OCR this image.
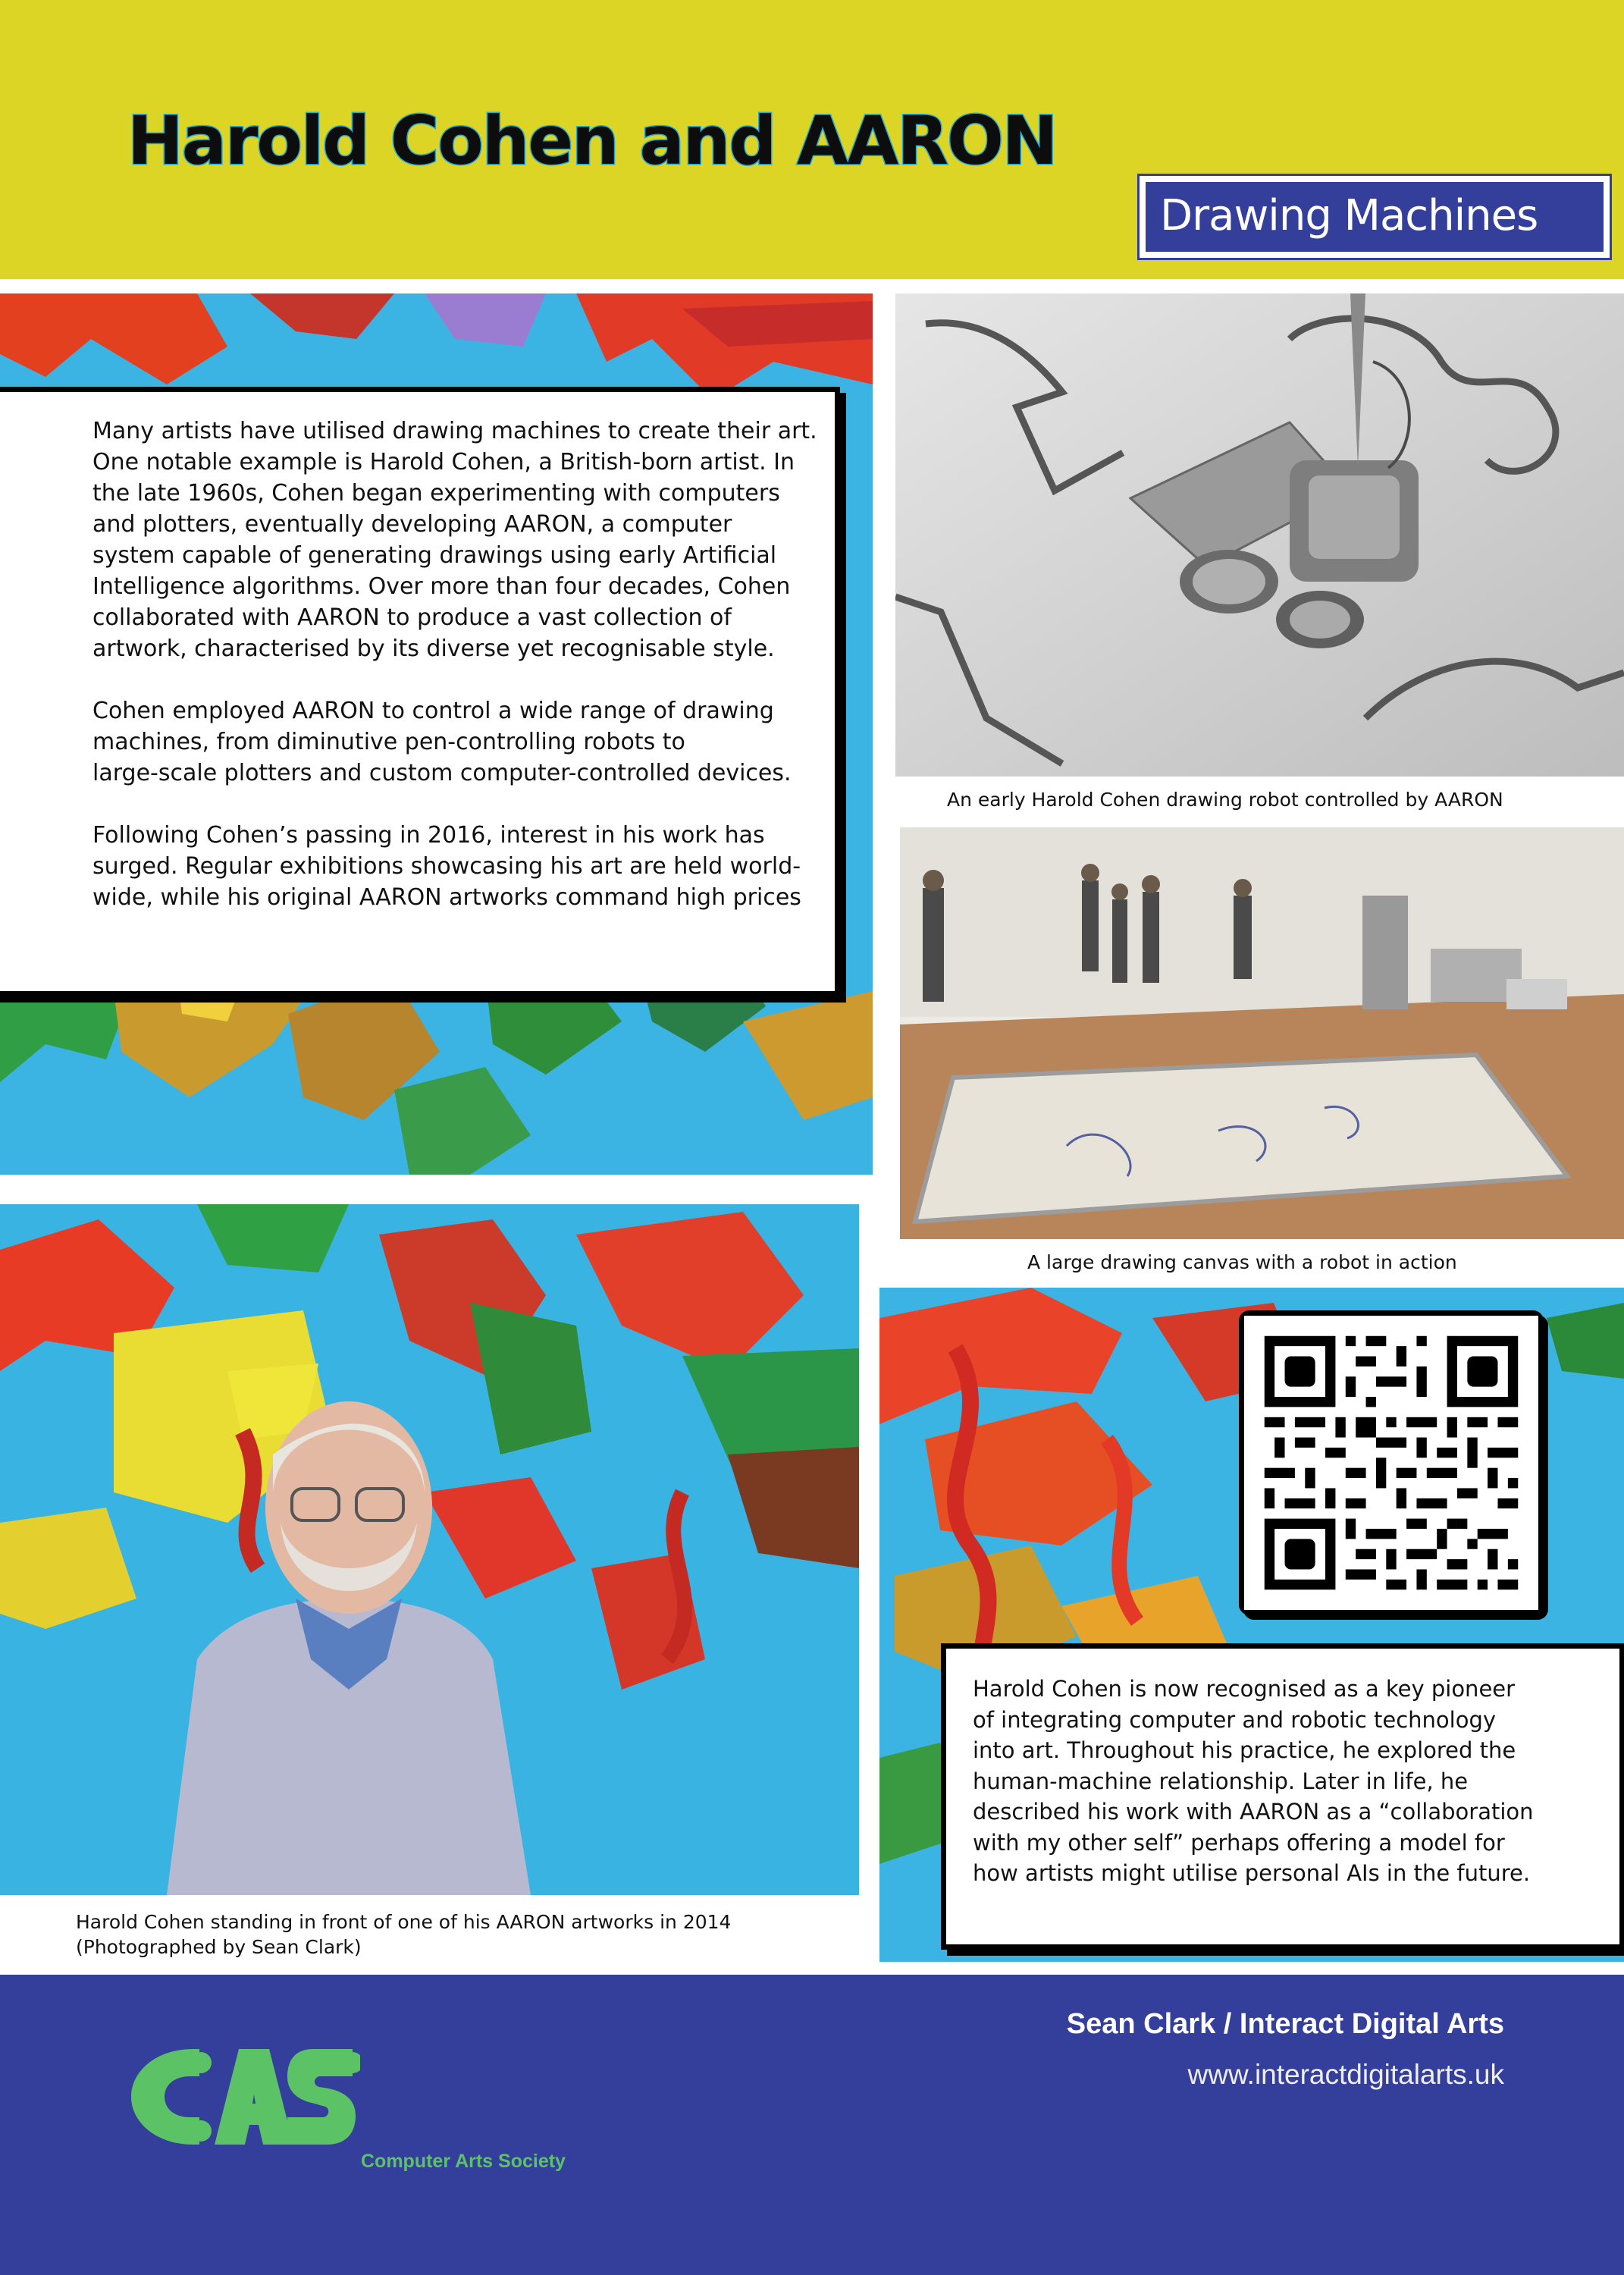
Harold Cohen and AARON
Drawing Machines

Many artists have utilised drawing machines to create their art.
One notable example is Harold Cohen, a British-born artist. In
the late 1960s, Cohen began experimenting with computers
and plotters, eventually developing AARON, a computer
system capable of generating drawings using early Artificial
Intelligence algorithms. Over more than four decades, Cohen
collaborated with AARON to produce a vast collection of
artwork, characterised by its diverse yet recognisable style.

Cohen employed AARON to control a wide range of drawing
machines, from diminutive pen-controlling robots to
large-scale plotters and custom computer-controlled devices.

Following Cohen’s passing in 2016, interest in his work has
surged. Regular exhibitions showcasing his art are held world-
wide, while his original AARON artworks command high prices

An early Harold Cohen drawing robot controlled by AARON
A large drawing canvas with a robot in action
Harold Cohen standing in front of one of his AARON artworks in 2014
(Photographed by Sean Clark)

Harold Cohen is now recognised as a key pioneer
of integrating computer and robotic technology
into art. Throughout his practice, he explored the
human-machine relationship. Later in life, he
described his work with AARON as a “collaboration
with my other self” perhaps offering a model for
how artists might utilise personal AIs in the future.

Sean Clark / Interact Digital Arts
www.interactdigitalarts.uk
CAS
Computer Arts Society
